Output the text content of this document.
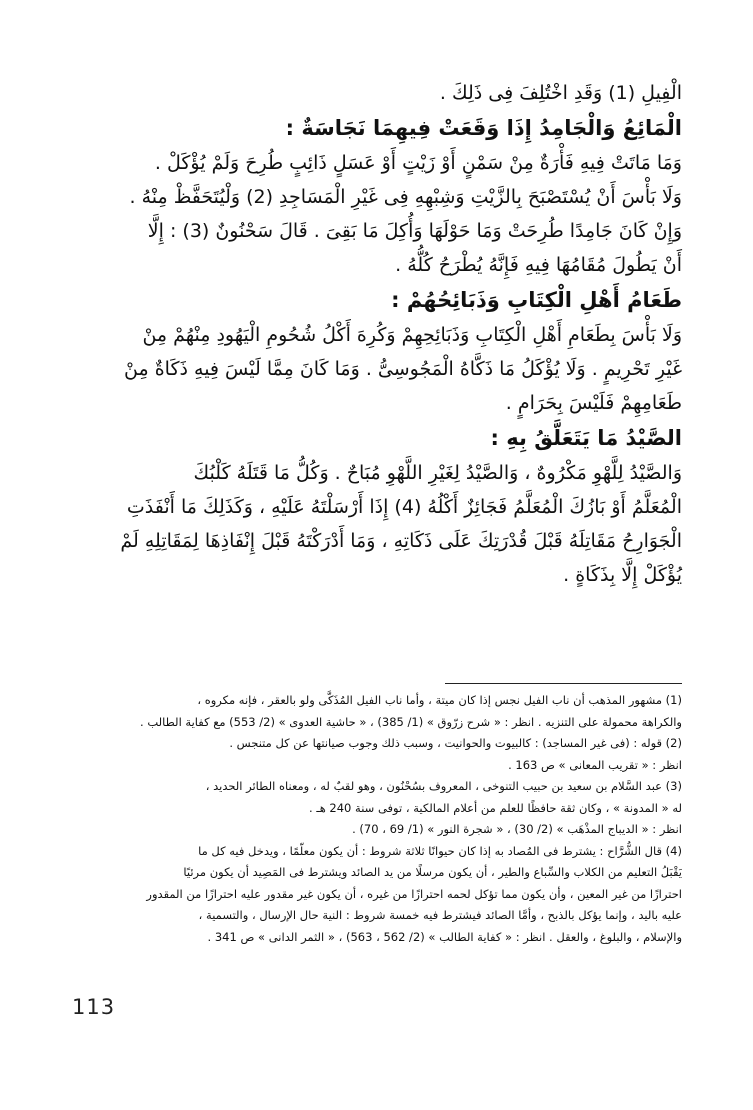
الْفِيلِ (1) وَقَدِ اخْتُلِفَ فِى ذَلِكَ .

الْمَائِعُ وَالْجَامِدُ إِذَا وَقَعَتْ فِيهِمَا نَجَاسَةٌ :

وَمَا مَاتَتْ فِيهِ فَأْرَةٌ مِنْ سَمْنٍ أَوْ زَيْتٍ أَوْ عَسَلٍ ذَائِبٍ طُرِحَ وَلَمْ يُؤْكَلْ .

وَلَا بَأْسَ أَنْ يُسْتَصْبَحَ بِالزَّيْتِ وَشِبْهِهِ فِى غَيْرِ الْمَسَاجِدِ (2) وَلْيُتَحَفَّظْ مِنْهُ .

وَإِنْ كَانَ جَامِدًا طُرِحَتْ وَمَا حَوْلَهَا وَأُكِلَ مَا بَقِىَ . قَالَ سَحْنُونٌ (3) : إِلَّا

أَنْ يَطُولَ مُقَامُهَا فِيهِ فَإِنَّهُ يُطْرَحُ كُلُّهُ .

طَعَامُ أَهْلِ الْكِتَابِ وَذَبَائِحُهُمْ :

وَلَا بَأْسَ بِطَعَامِ أَهْلِ الْكِتَابِ وَذَبَائِحِهِمْ وَكُرِهَ أَكْلُ شُحُومِ الْيَهُودِ مِنْهُمْ مِنْ

غَيْرِ تَحْرِيمٍ . وَلَا يُؤْكَلُ مَا ذَكَّاهُ الْمَجُوسِىُّ . وَمَا كَانَ مِمَّا لَيْسَ فِيهِ ذَكَاةٌ مِنْ

طَعَامِهِمْ فَلَيْسَ بِحَرَامٍ .

الصَّيْدُ مَا يَتَعَلَّقُ بِهِ :

وَالصَّيْدُ لِلَّهْوِ مَكْرُوهٌ ، وَالصَّيْدُ لِغَيْرِ اللَّهْوِ مُبَاحٌ . وَكُلُّ مَا قَتَلَهُ كَلْبُكَ

الْمُعَلَّمُ أَوْ بَازُكَ الْمُعَلَّمُ فَجَائِزٌ أَكْلُهُ (4) إِذَا أَرْسَلْتَهُ عَلَيْهِ ، وَكَذَلِكَ مَا أَنْفَذَتِ

الْجَوَارِحُ مَقَاتِلَهُ قَبْلَ قُدْرَتِكَ عَلَى ذَكَاتِهِ ، وَمَا أَدْرَكْتَهُ قَبْلَ إِنْفَاذِهَا لِمَقَاتِلِهِ لَمْ

يُؤْكَلْ إِلَّا بِذَكَاةٍ .

(1) مشهور المذهب أن ناب الفيل نجس إذا كان ميتة ، وأما ناب الفيل المُذَكَّى ولو بالعقر ، فإنه مكروه ،

والكراهة محمولة على التنزيه . انظر : « شرح زرّوق » (1/ 385) ، « حاشية العدوى » (2/ 553) مع كفاية الطالب .

(2) قوله : (فى غير المساجد) : كالبيوت والحوانيت ، وسبب ذلك وجوب صيانتها عن كل متنجس .

انظر : « تقريب المعانى » ص 163 .

(3) عبد السَّلام بن سعيد بن حبيب التنوخى ، المعروف بسُحْنُون ، وهو لقبٌ له ، ومعناه الطائر الحديد ،

له « المدونة » ، وكان ثقة حافظًا للعلم من أعلام المالكية ، توفى سنة 240 هـ .

انظر : « الديباج المذْهَب » (2/ 30) ، « شجرة النور » (1/ 69 ، 70) .

(4) قال الشُّرَّاح : يشترط فى المُصاد به إذا كان حيوانًا ثلاثة شروط : أن يكون معلّمًا ، ويدخل فيه كل ما

يَقْبَلُ التعليم من الكلاب والسِّباع والطير ، أن يكون مرسلًا من يد الصائد ويشترط فى المَصِيد أن يكون مرئيًا

احترازًا من غير المعين ، وأن يكون مما تؤكل لحمه احترازًا من غيره ، أن يكون غير مقدور عليه احترازًا من المقدور

عليه باليد ، وإنما يؤكل بالذبح ، وأمَّا الصائد فيشترط فيه خمسة شروط : النية حال الإرسال ، والتسمية ،

والإسلام ، والبلوغ ، والعقل . انظر : « كفاية الطالب » (2/ 562 ، 563) ، « الثمر الدانى » ص 341 .

113
